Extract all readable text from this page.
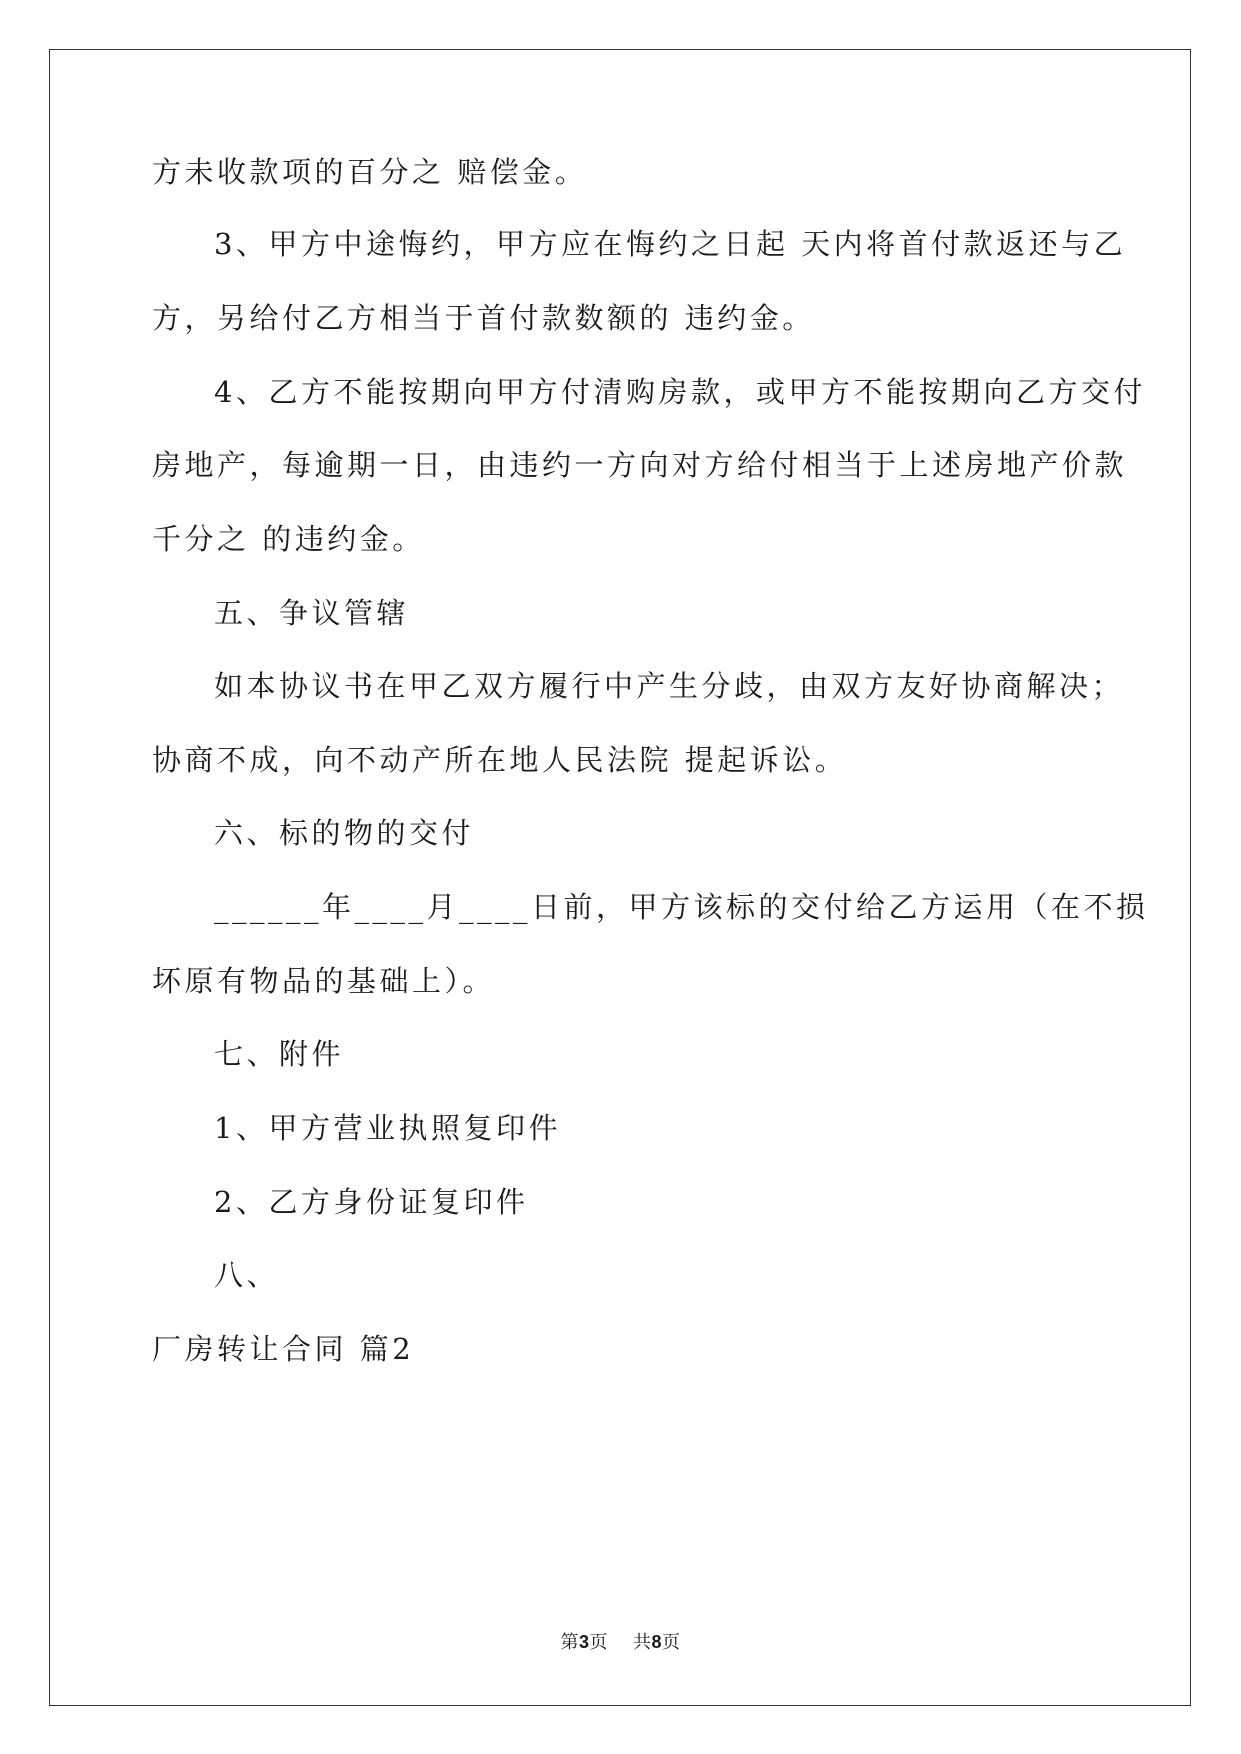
方未收款项的百分之 赔偿金。

3、甲方中途悔约，甲方应在悔约之日起 天内将首付款返还与乙

方，另给付乙方相当于首付款数额的 违约金。

4、乙方不能按期向甲方付清购房款，或甲方不能按期向乙方交付

房地产，每逾期一日，由违约一方向对方给付相当于上述房地产价款

千分之 的违约金。

五、争议管辖

如本协议书在甲乙双方履行中产生分歧，由双方友好协商解决；

协商不成，向不动产所在地人民法院 提起诉讼。

六、标的物的交付

______年____月____日前，甲方该标的交付给乙方运用（在不损

坏原有物品的基础上）。

七、附件

1、甲方营业执照复印件

2、乙方身份证复印件

八、

厂房转让合同 篇2

第3页 共8页
